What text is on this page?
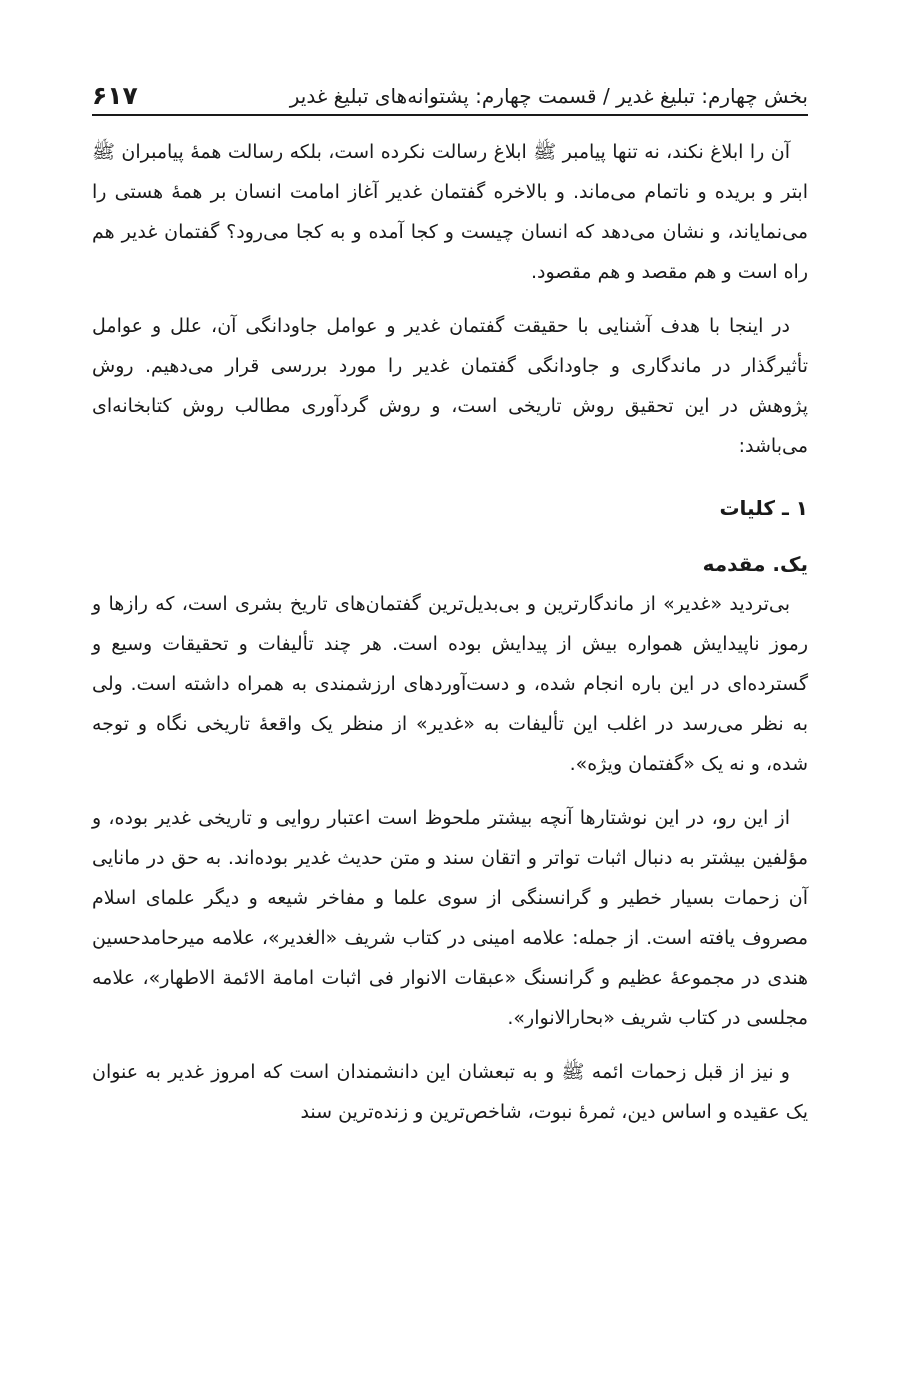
بخش چهارم: تبلیغ غدیر / قسمت چهارم: پشتوانه‌های تبلیغ غدیر
۶۱۷

آن را ابلاغ نکند، نه تنها پیامبر ﷺ ابلاغ رسالت نکرده است، بلکه رسالت همهٔ پیامبران ﷺ ابتر و بریده و ناتمام می‌ماند. و بالاخره گفتمان غدیر آغاز امامت انسان بر همهٔ هستی را می‌نمایاند، و نشان می‌دهد که انسان چیست و کجا آمده و به کجا می‌رود؟ گفتمان غدیر هم راه است و هم مقصد و هم مقصود.

در اینجا با هدف آشنایی با حقیقت گفتمان غدیر و عوامل جاودانگی آن، علل و عوامل تأثیرگذار در ماندگاری و جاودانگی گفتمان غدیر را مورد بررسی قرار می‌دهیم. روش پژوهش در این تحقیق روش تاریخی است، و روش گردآوری مطالب روش کتابخانه‌ای می‌باشد:

۱ ـ کلیات
یک. مقدمه

بی‌تردید «غدیر» از ماندگارترین و بی‌بدیل‌ترین گفتمان‌های تاریخ بشری است، که رازها و رموز ناپیدایش همواره بیش از پیدایش بوده است. هر چند تألیفات و تحقیقات وسیع و گسترده‌ای در این باره انجام شده، و دست‌آوردهای ارزشمندی به همراه داشته است. ولی به نظر می‌رسد در اغلب این تألیفات به «غدیر» از منظر یک واقعهٔ تاریخی نگاه و توجه شده، و نه یک «گفتمان ویژه».

از این رو، در این نوشتارها آنچه بیشتر ملحوظ است اعتبار روایی و تاریخی غدیر بوده، و مؤلفین بیشتر به دنبال اثبات تواتر و اتقان سند و متن حدیث غدیر بوده‌اند. به حق در مانایی آن زحمات بسیار خطیر و گرانسنگی از سوی علما و مفاخر شیعه و دیگر علمای اسلام مصروف یافته است. از جمله: علامه امینی در کتاب شریف «الغدیر»، علامه میرحامدحسین هندی در مجموعهٔ عظیم و گرانسنگ «عبقات الانوار فی اثبات امامة الائمة الاطهار»، علامه مجلسی در کتاب شریف «بحارالانوار».

و نیز از قبل زحمات ائمه ﷺ و به تبعشان این دانشمندان است که امروز غدیر به عنوان یک عقیده و اساس دین، ثمرهٔ نبوت، شاخص‌ترین و زنده‌ترین سند
